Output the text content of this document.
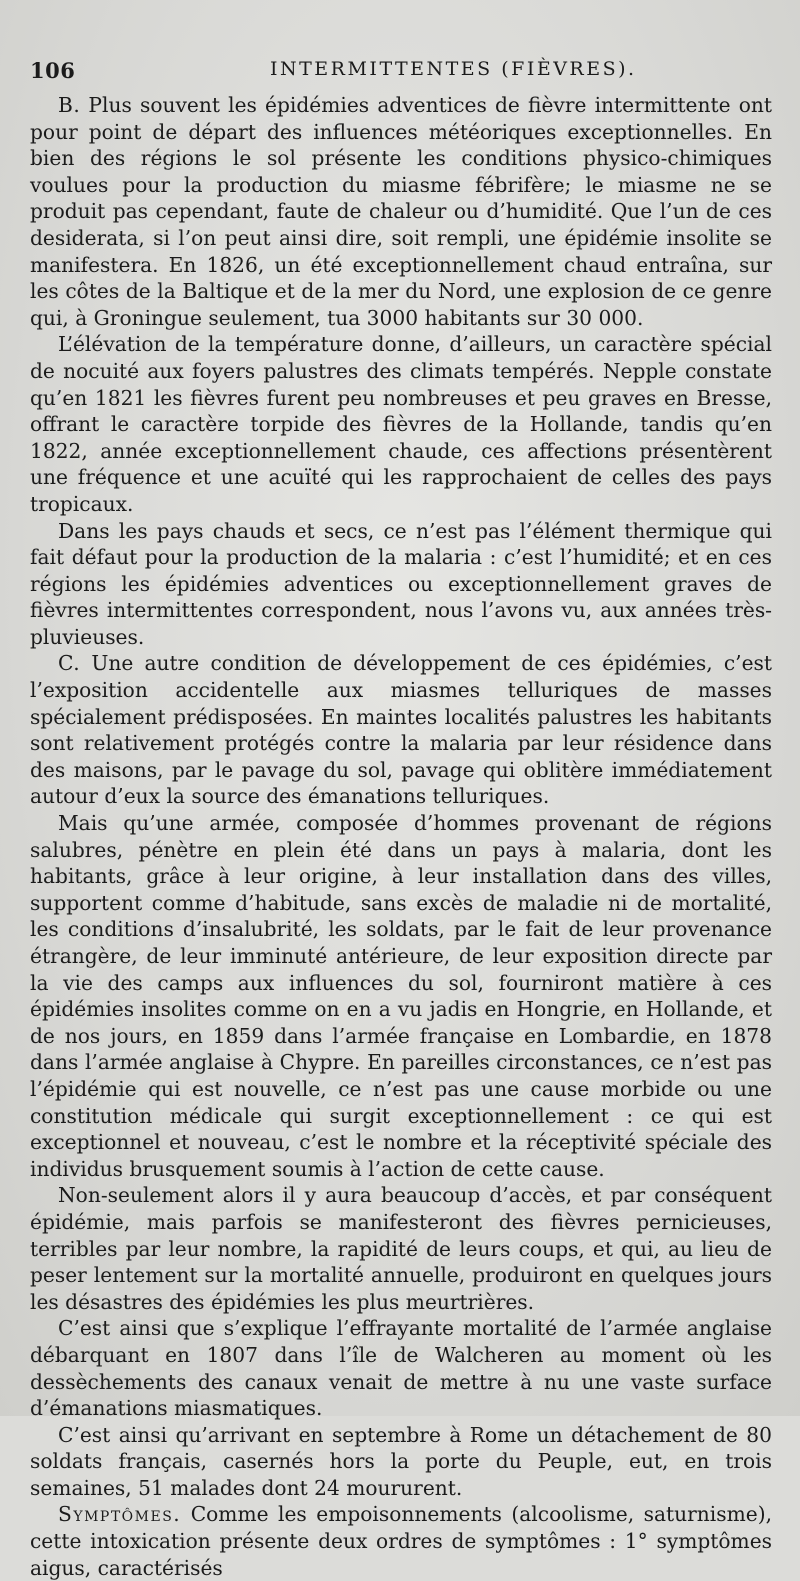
106	INTERMITTENTES (FIÈVRES).

B. Plus souvent les épidémies adventices de fièvre intermittente ont pour point de départ des influences météoriques exceptionnelles. En bien des régions le sol présente les conditions physico-chimiques voulues pour la production du miasme fébrifère; le miasme ne se produit pas cependant, faute de chaleur ou d’humidité. Que l’un de ces desiderata, si l’on peut ainsi dire, soit rempli, une épidémie insolite se manifestera. En 1826, un été exceptionnellement chaud entraîna, sur les côtes de la Baltique et de la mer du Nord, une explosion de ce genre qui, à Groningue seulement, tua 3000 habitants sur 30 000.

L’élévation de la température donne, d’ailleurs, un caractère spécial de nocuité aux foyers palustres des climats tempérés. Nepple constate qu’en 1821 les fièvres furent peu nombreuses et peu graves en Bresse, offrant le caractère torpide des fièvres de la Hollande, tandis qu’en 1822, année exceptionnellement chaude, ces affections présentèrent une fréquence et une acuïté qui les rapprochaient de celles des pays tropicaux.

Dans les pays chauds et secs, ce n’est pas l’élément thermique qui fait défaut pour la production de la malaria : c’est l’humidité; et en ces régions les épidémies adventices ou exceptionnellement graves de fièvres intermittentes correspondent, nous l’avons vu, aux années très-pluvieuses.

C. Une autre condition de développement de ces épidémies, c’est l’exposition accidentelle aux miasmes telluriques de masses spécialement prédisposées. En maintes localités palustres les habitants sont relativement protégés contre la malaria par leur résidence dans des maisons, par le pavage du sol, pavage qui oblitère immédiatement autour d’eux la source des émanations telluriques.

Mais qu’une armée, composée d’hommes provenant de régions salubres, pénètre en plein été dans un pays à malaria, dont les habitants, grâce à leur origine, à leur installation dans des villes, supportent comme d’habitude, sans excès de maladie ni de mortalité, les conditions d’insalubrité, les soldats, par le fait de leur provenance étrangère, de leur imminuté antérieure, de leur exposition directe par la vie des camps aux influences du sol, fourniront matière à ces épidémies insolites comme on en a vu jadis en Hongrie, en Hollande, et de nos jours, en 1859 dans l’armée française en Lombardie, en 1878 dans l’armée anglaise à Chypre. En pareilles circonstances, ce n’est pas l’épidémie qui est nouvelle, ce n’est pas une cause morbide ou une constitution médicale qui surgit exceptionnellement : ce qui est exceptionnel et nouveau, c’est le nombre et la réceptivité spéciale des individus brusquement soumis à l’action de cette cause.

Non-seulement alors il y aura beaucoup d’accès, et par conséquent épidémie, mais parfois se manifesteront des fièvres pernicieuses, terribles par leur nombre, la rapidité de leurs coups, et qui, au lieu de peser lentement sur la mortalité annuelle, produiront en quelques jours les désastres des épidémies les plus meurtrières.

C’est ainsi que s’explique l’effrayante mortalité de l’armée anglaise débarquant en 1807 dans l’île de Walcheren au moment où les dessèchements des canaux venait de mettre à nu une vaste surface d’émanations miasmatiques.

C’est ainsi qu’arrivant en septembre à Rome un détachement de 80 soldats français, casernés hors la porte du Peuple, eut, en trois semaines, 51 malades dont 24 moururent.

Symptômes. Comme les empoisonnements (alcoolisme, saturnisme), cette intoxication présente deux ordres de symptômes : 1° symptômes aigus, caractérisés
